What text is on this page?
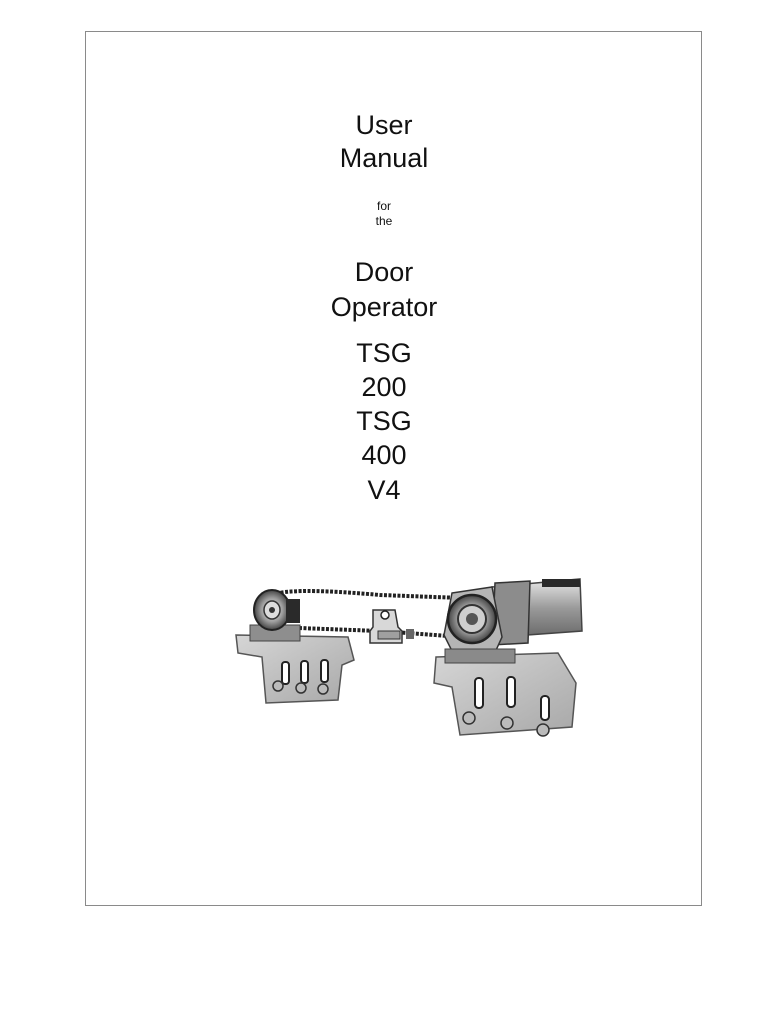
User
Manual
for
the
Door
Operator
TSG
200
TSG
400
V4
